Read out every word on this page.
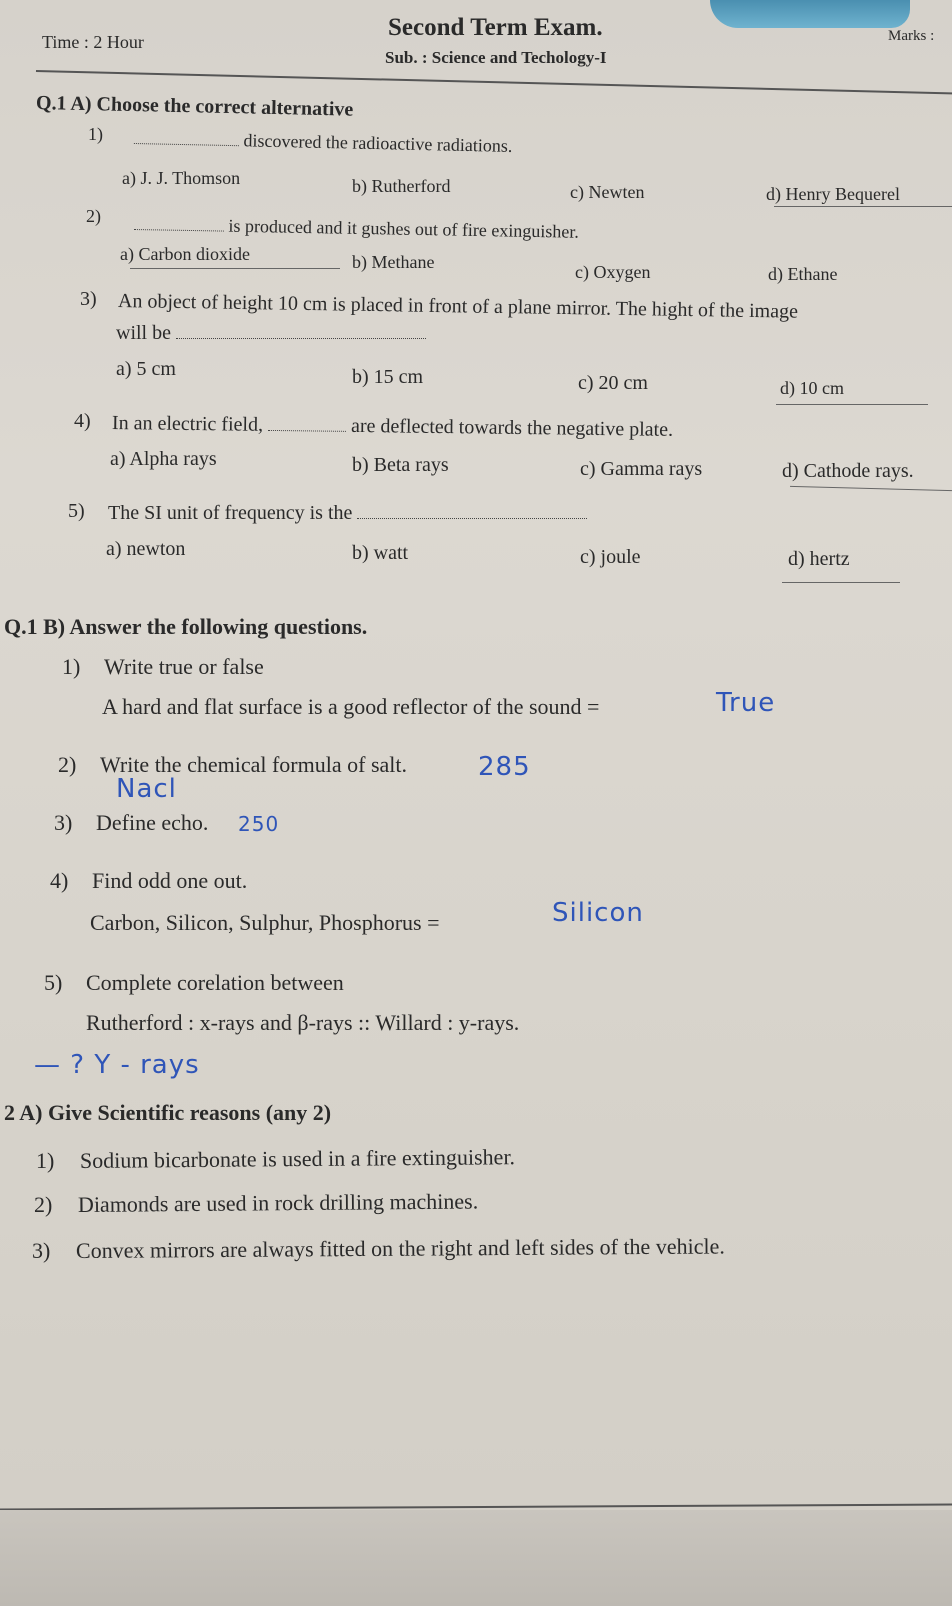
Second Term Exam.
Time : 2 Hour
Sub. : Science and Techology-I
Marks :
Q.1 A) Choose the correct alternative
1)	discovered the radioactive radiations.
a) J. J. Thomson	b) Rutherford	c) Newten	d) Henry Bequerel
2)	is produced and it gushes out of fire exinguisher.
a) Carbon dioxide	b) Methane	c) Oxygen	d) Ethane
3) An object of height 10 cm is placed in front of a plane mirror. The hight of the image
will be
a) 5 cm	b) 15 cm	c) 20 cm	d) 10 cm
4) In an electric field,	are deflected towards the negative plate.
a) Alpha rays	b) Beta rays	c) Gamma rays	d) Cathode rays.
5) The SI unit of frequency is the
a) newton	b) watt	c) joule	d) hertz
Q.1 B) Answer the following questions.
1) Write true or false
A hard and flat surface is a good reflector of the sound =	True
2) Write the chemical formula of salt.	285
Nacl
3) Define echo. 250
4) Find odd one out.
Carbon, Silicon, Sulphur, Phosphorus =	Silicon
5) Complete corelation between
Rutherford : x-rays and β-rays :: Willard : y-rays.
— ? Y - rays
2 A) Give Scientific reasons (any 2)
1) Sodium bicarbonate is used in a fire extinguisher.
2) Diamonds are used in rock drilling machines.
3) Convex mirrors are always fitted on the right and left sides of the vehicle.
